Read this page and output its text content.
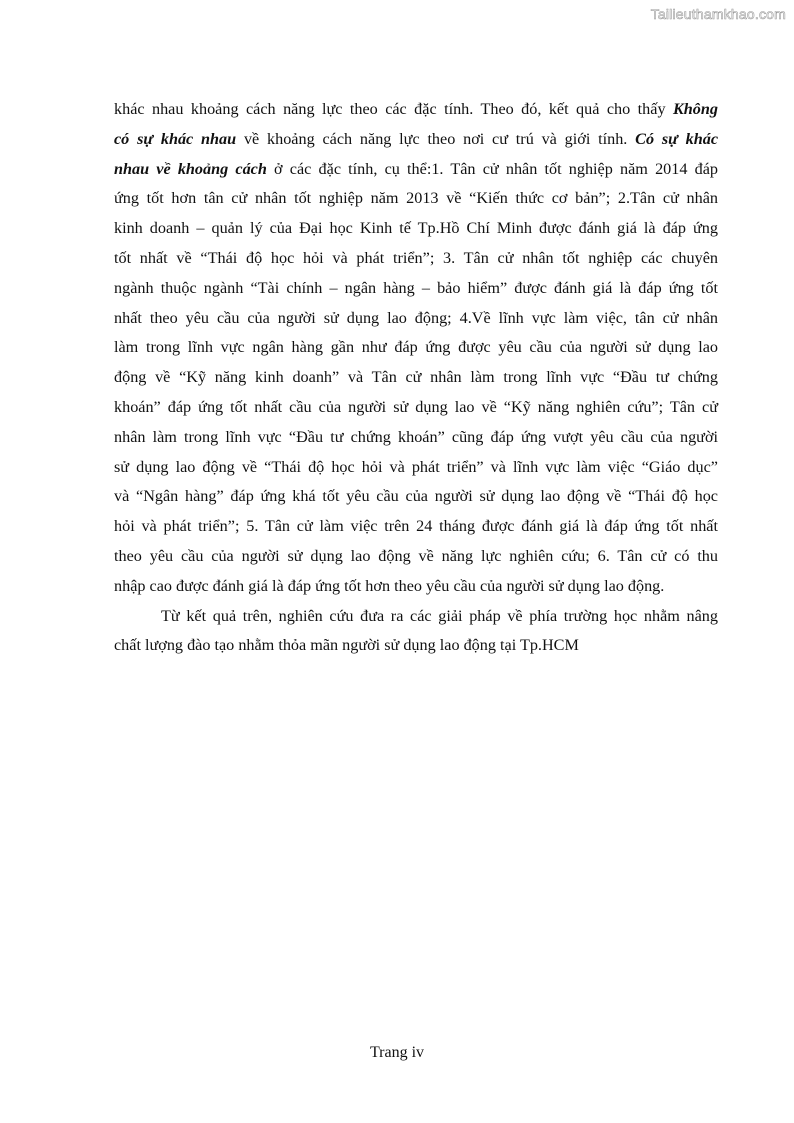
Tailieuthamkhao.com
khác nhau khoảng cách năng lực theo các đặc tính. Theo đó, kết quả cho thấy Không
có sự khác nhau về khoảng cách năng lực theo nơi cư trú và giới tính. Có sự khác
nhau về khoảng cách ở các đặc tính, cụ thể:1. Tân cử nhân tốt nghiệp năm 2014 đáp
ứng tốt hơn tân cử nhân tốt nghiệp năm 2013 về “Kiến thức cơ bản”; 2.Tân cử nhân
kinh doanh – quản lý của Đại học Kinh tế Tp.Hồ Chí Minh được đánh giá là đáp ứng
tốt nhất về “Thái độ học hỏi và phát triển”; 3. Tân cử nhân tốt nghiệp các chuyên
ngành thuộc ngành “Tài chính – ngân hàng – bảo hiểm” được đánh giá là đáp ứng tốt
nhất theo yêu cầu của người sử dụng lao động; 4.Về lĩnh vực làm việc, tân cử nhân
làm trong lĩnh vực ngân hàng gần như đáp ứng được yêu cầu của người sử dụng lao
động về “Kỹ năng kinh doanh” và Tân cử nhân làm trong lĩnh vực “Đầu tư chứng
khoán” đáp ứng tốt nhất cầu của người sử dụng lao về “Kỹ năng nghiên cứu”; Tân cử
nhân làm trong lĩnh vực “Đầu tư chứng khoán” cũng đáp ứng vượt yêu cầu của người
sử dụng lao động về “Thái độ học hỏi và phát triển” và lĩnh vực làm việc “Giáo dục”
và “Ngân hàng” đáp ứng khá tốt yêu cầu của người sử dụng lao động về “Thái độ học
hỏi và phát triển”; 5. Tân cử làm việc trên 24 tháng được đánh giá là đáp ứng tốt nhất
theo yêu cầu của người sử dụng lao động về năng lực nghiên cứu; 6. Tân cử có thu
nhập cao được đánh giá là đáp ứng tốt hơn theo yêu cầu của người sử dụng lao động.
Từ kết quả trên, nghiên cứu đưa ra các giải pháp về phía trường học nhằm nâng
chất lượng đào tạo nhằm thỏa mãn người sử dụng lao động tại Tp.HCM
Trang iv
